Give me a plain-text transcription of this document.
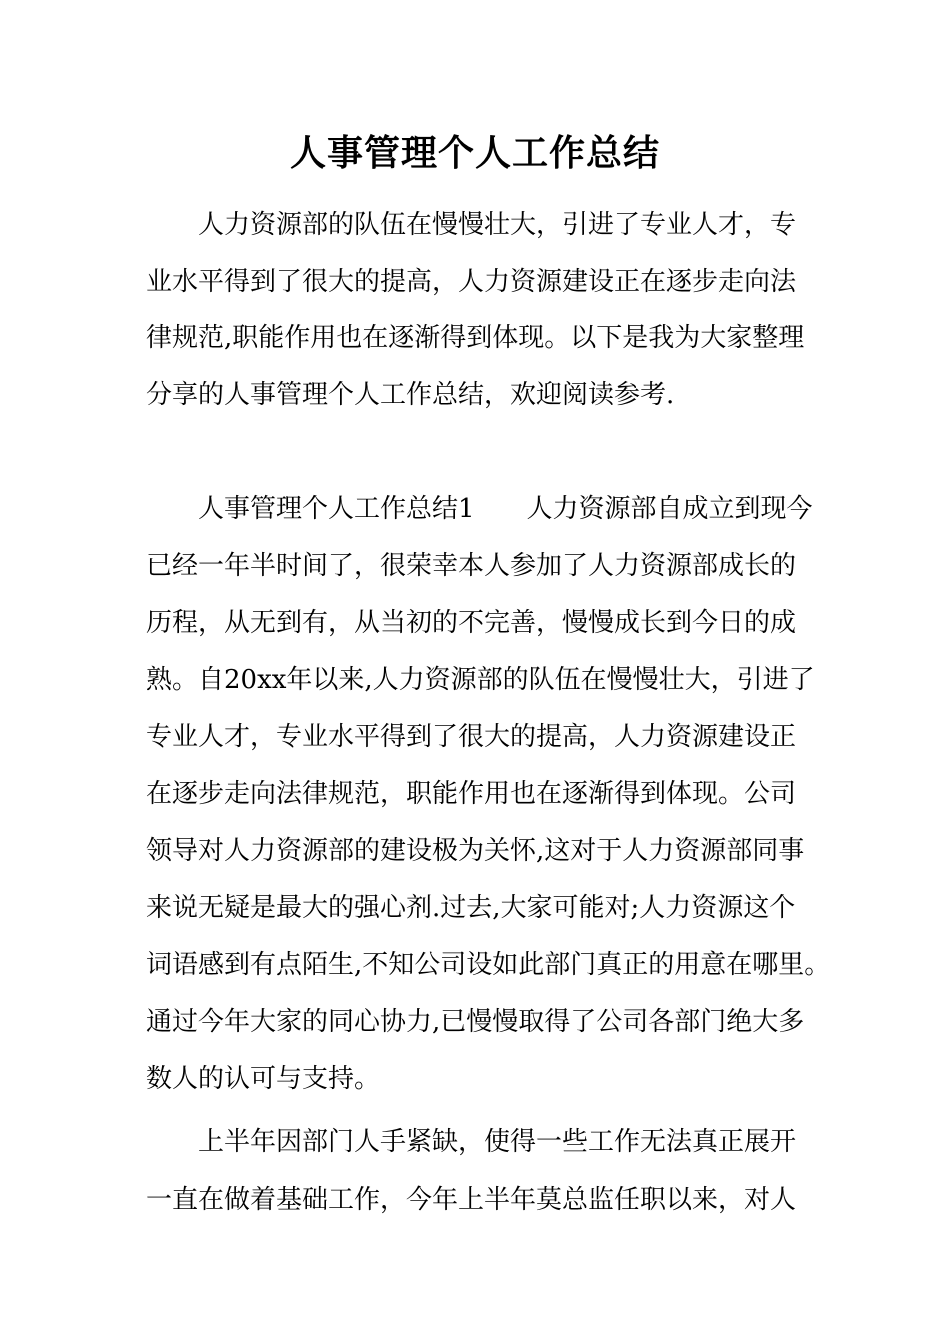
人事管理个人工作总结
　　人力资源部的队伍在慢慢壮大，引进了专业人才，专
业水平得到了很大的提高，人力资源建设正在逐步走向法
律规范,职能作用也在逐渐得到体现。以下是我为大家整理
分享的人事管理个人工作总结，欢迎阅读参考.
　　人事管理个人工作总结1　　人力资源部自成立到现今
已经一年半时间了，很荣幸本人参加了人力资源部成长的
历程，从无到有，从当初的不完善，慢慢成长到今日的成
熟。自20xx年以来,人力资源部的队伍在慢慢壮大，引进了
专业人才，专业水平得到了很大的提高，人力资源建设正
在逐步走向法律规范，职能作用也在逐渐得到体现。公司
领导对人力资源部的建设极为关怀,这对于人力资源部同事
来说无疑是最大的强心剂.过去,大家可能对;人力资源这个
词语感到有点陌生,不知公司设如此部门真正的用意在哪里。
通过今年大家的同心协力,已慢慢取得了公司各部门绝大多
数人的认可与支持。
　　上半年因部门人手紧缺，使得一些工作无法真正展开
一直在做着基础工作，今年上半年莫总监任职以来，对人
